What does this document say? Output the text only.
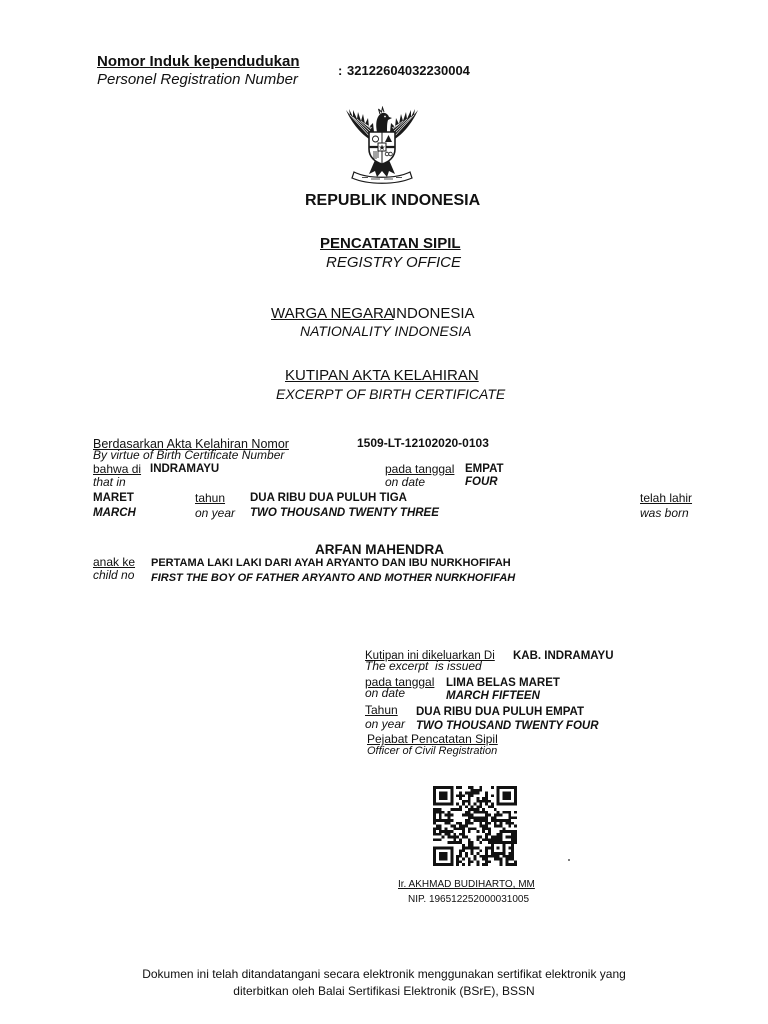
Nomor Induk kependudukan
Personel Registration Number
: 32122604032230004
REPUBLIK INDONESIA
PENCATATAN SIPIL
REGISTRY OFFICE
WARGA NEGARA
INDONESIA
NATIONALITY INDONESIA
KUTIPAN AKTA KELAHIRAN
EXCERPT OF BIRTH CERTIFICATE
Berdasarkan Akta Kelahiran Nomor
By virtue of Birth Certificate Number
1509-LT-12102020-0103
bahwa di INDRAMAYU
that in
pada tanggal EMPAT
on date	FOUR
MARET
MARCH
tahun
on year
DUA RIBU DUA PULUH TIGA
TWO THOUSAND TWENTY THREE
telah lahir
was born
ARFAN MAHENDRA
anak ke
child no
PERTAMA LAKI LAKI DARI AYAH ARYANTO DAN IBU NURKHOFIFAH
FIRST THE BOY OF FATHER ARYANTO AND MOTHER NURKHOFIFAH
Kutipan ini dikeluarkan Di KAB. INDRAMAYU
The excerpt  is issued
pada tanggal LIMA BELAS MARET
on date	MARCH FIFTEEN
Tahun DUA RIBU DUA PULUH EMPAT
on year TWO THOUSAND TWENTY FOUR
Pejabat Pencatatan Sipil
Officer of Civil Registration
Ir. AKHMAD BUDIHARTO, MM
NIP. 196512252000031005
Dokumen ini telah ditandatangani secara elektronik menggunakan sertifikat elektronik yang
diterbitkan oleh Balai Sertifikasi Elektronik (BSrE), BSSN
